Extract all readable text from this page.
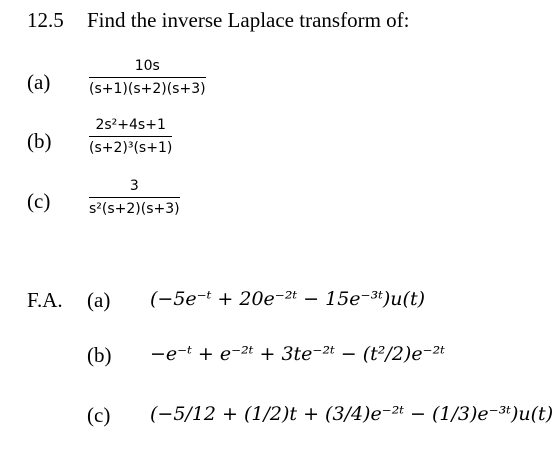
12.5 Find the inverse Laplace transform of:
(a)
10s
(s+1)(s+2)(s+3)
(b)
2s²+4s+1
(s+2)³(s+1)
(c)
3
s²(s+2)(s+3)
F.A. (a) (−5e⁻ᵗ + 20e⁻²ᵗ − 15e⁻³ᵗ)u(t)
(b) −e⁻ᵗ + e⁻²ᵗ + 3te⁻²ᵗ − (t²/2)e⁻²ᵗ
(c) (−5/12 + (1/2)t + (3/4)e⁻²ᵗ − (1/3)e⁻³ᵗ)u(t)
